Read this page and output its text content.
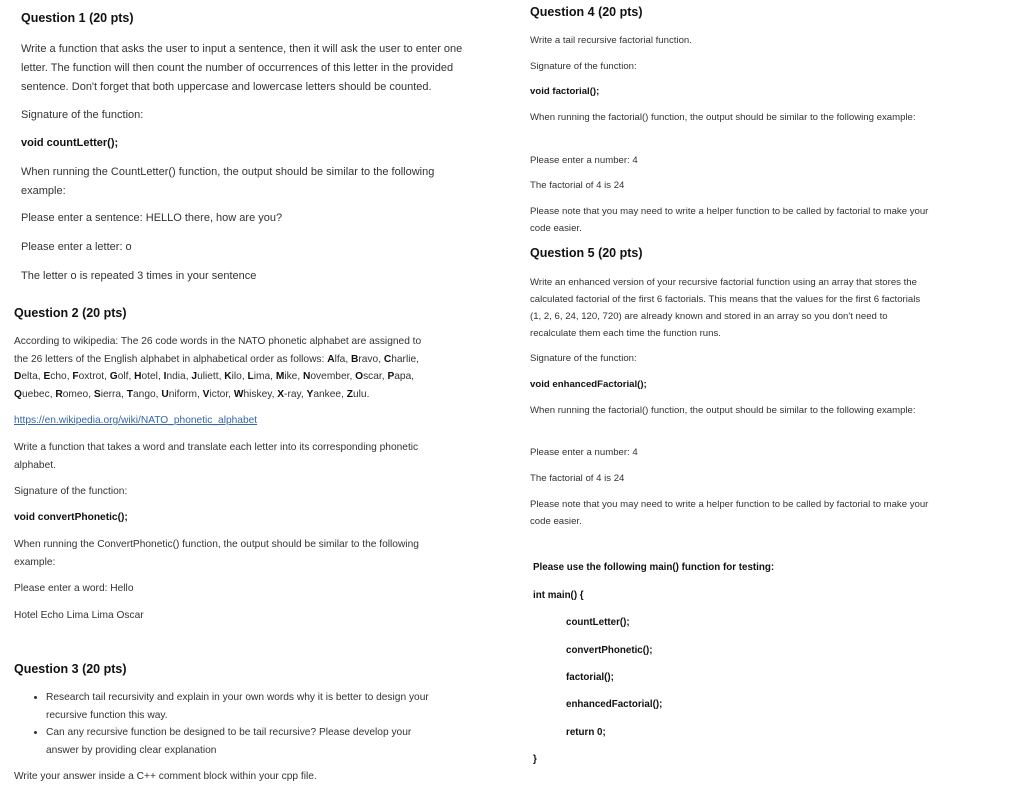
Question 1 (20 pts)

Write a function that asks the user to input a sentence, then it will ask the user to enter one letter. The function will then count the number of occurrences of this letter in the provided sentence. Don't forget that both uppercase and lowercase letters should be counted.

Signature of the function:

void countLetter();

When running the CountLetter() function, the output should be similar to the following example:

Please enter a sentence: HELLO there, how are you?

Please enter a letter: o

The letter o is repeated 3 times in your sentence

Question 2 (20 pts)

According to wikipedia: The 26 code words in the NATO phonetic alphabet are assigned to the 26 letters of the English alphabet in alphabetical order as follows: Alfa, Bravo, Charlie, Delta, Echo, Foxtrot, Golf, Hotel, India, Juliett, Kilo, Lima, Mike, November, Oscar, Papa, Quebec, Romeo, Sierra, Tango, Uniform, Victor, Whiskey, X-ray, Yankee, Zulu.

https://en.wikipedia.org/wiki/NATO_phonetic_alphabet

Write a function that takes a word and translate each letter into its corresponding phonetic alphabet.

Signature of the function:

void convertPhonetic();

When running the ConvertPhonetic() function, the output should be similar to the following example:

Please enter a word: Hello

Hotel Echo Lima Lima Oscar

Question 3 (20 pts)
• Research tail recursivity and explain in your own words why it is better to design your recursive function this way.
• Can any recursive function be designed to be tail recursive? Please develop your answer by providing clear explanation

Write your answer inside a C++ comment block within your cpp file.

Question 4 (20 pts)

Write a tail recursive factorial function.

Signature of the function:

void factorial();

When running the factorial() function, the output should be similar to the following example:

Please enter a number: 4

The factorial of 4 is 24

Please note that you may need to write a helper function to be called by factorial to make your code easier.

Question 5 (20 pts)

Write an enhanced version of your recursive factorial function using an array that stores the calculated factorial of the first 6 factorials. This means that the values for the first 6 factorials (1, 2, 6, 24, 120, 720) are already known and stored in an array so you don't need to recalculate them each time the function runs.

Signature of the function:

void enhancedFactorial();

When running the factorial() function, the output should be similar to the following example:

Please enter a number: 4

The factorial of 4 is 24

Please note that you may need to write a helper function to be called by factorial to make your code easier.

Please use the following main() function for testing:

int main() {

countLetter();

convertPhonetic();

factorial();

enhancedFactorial();

return 0;

}
